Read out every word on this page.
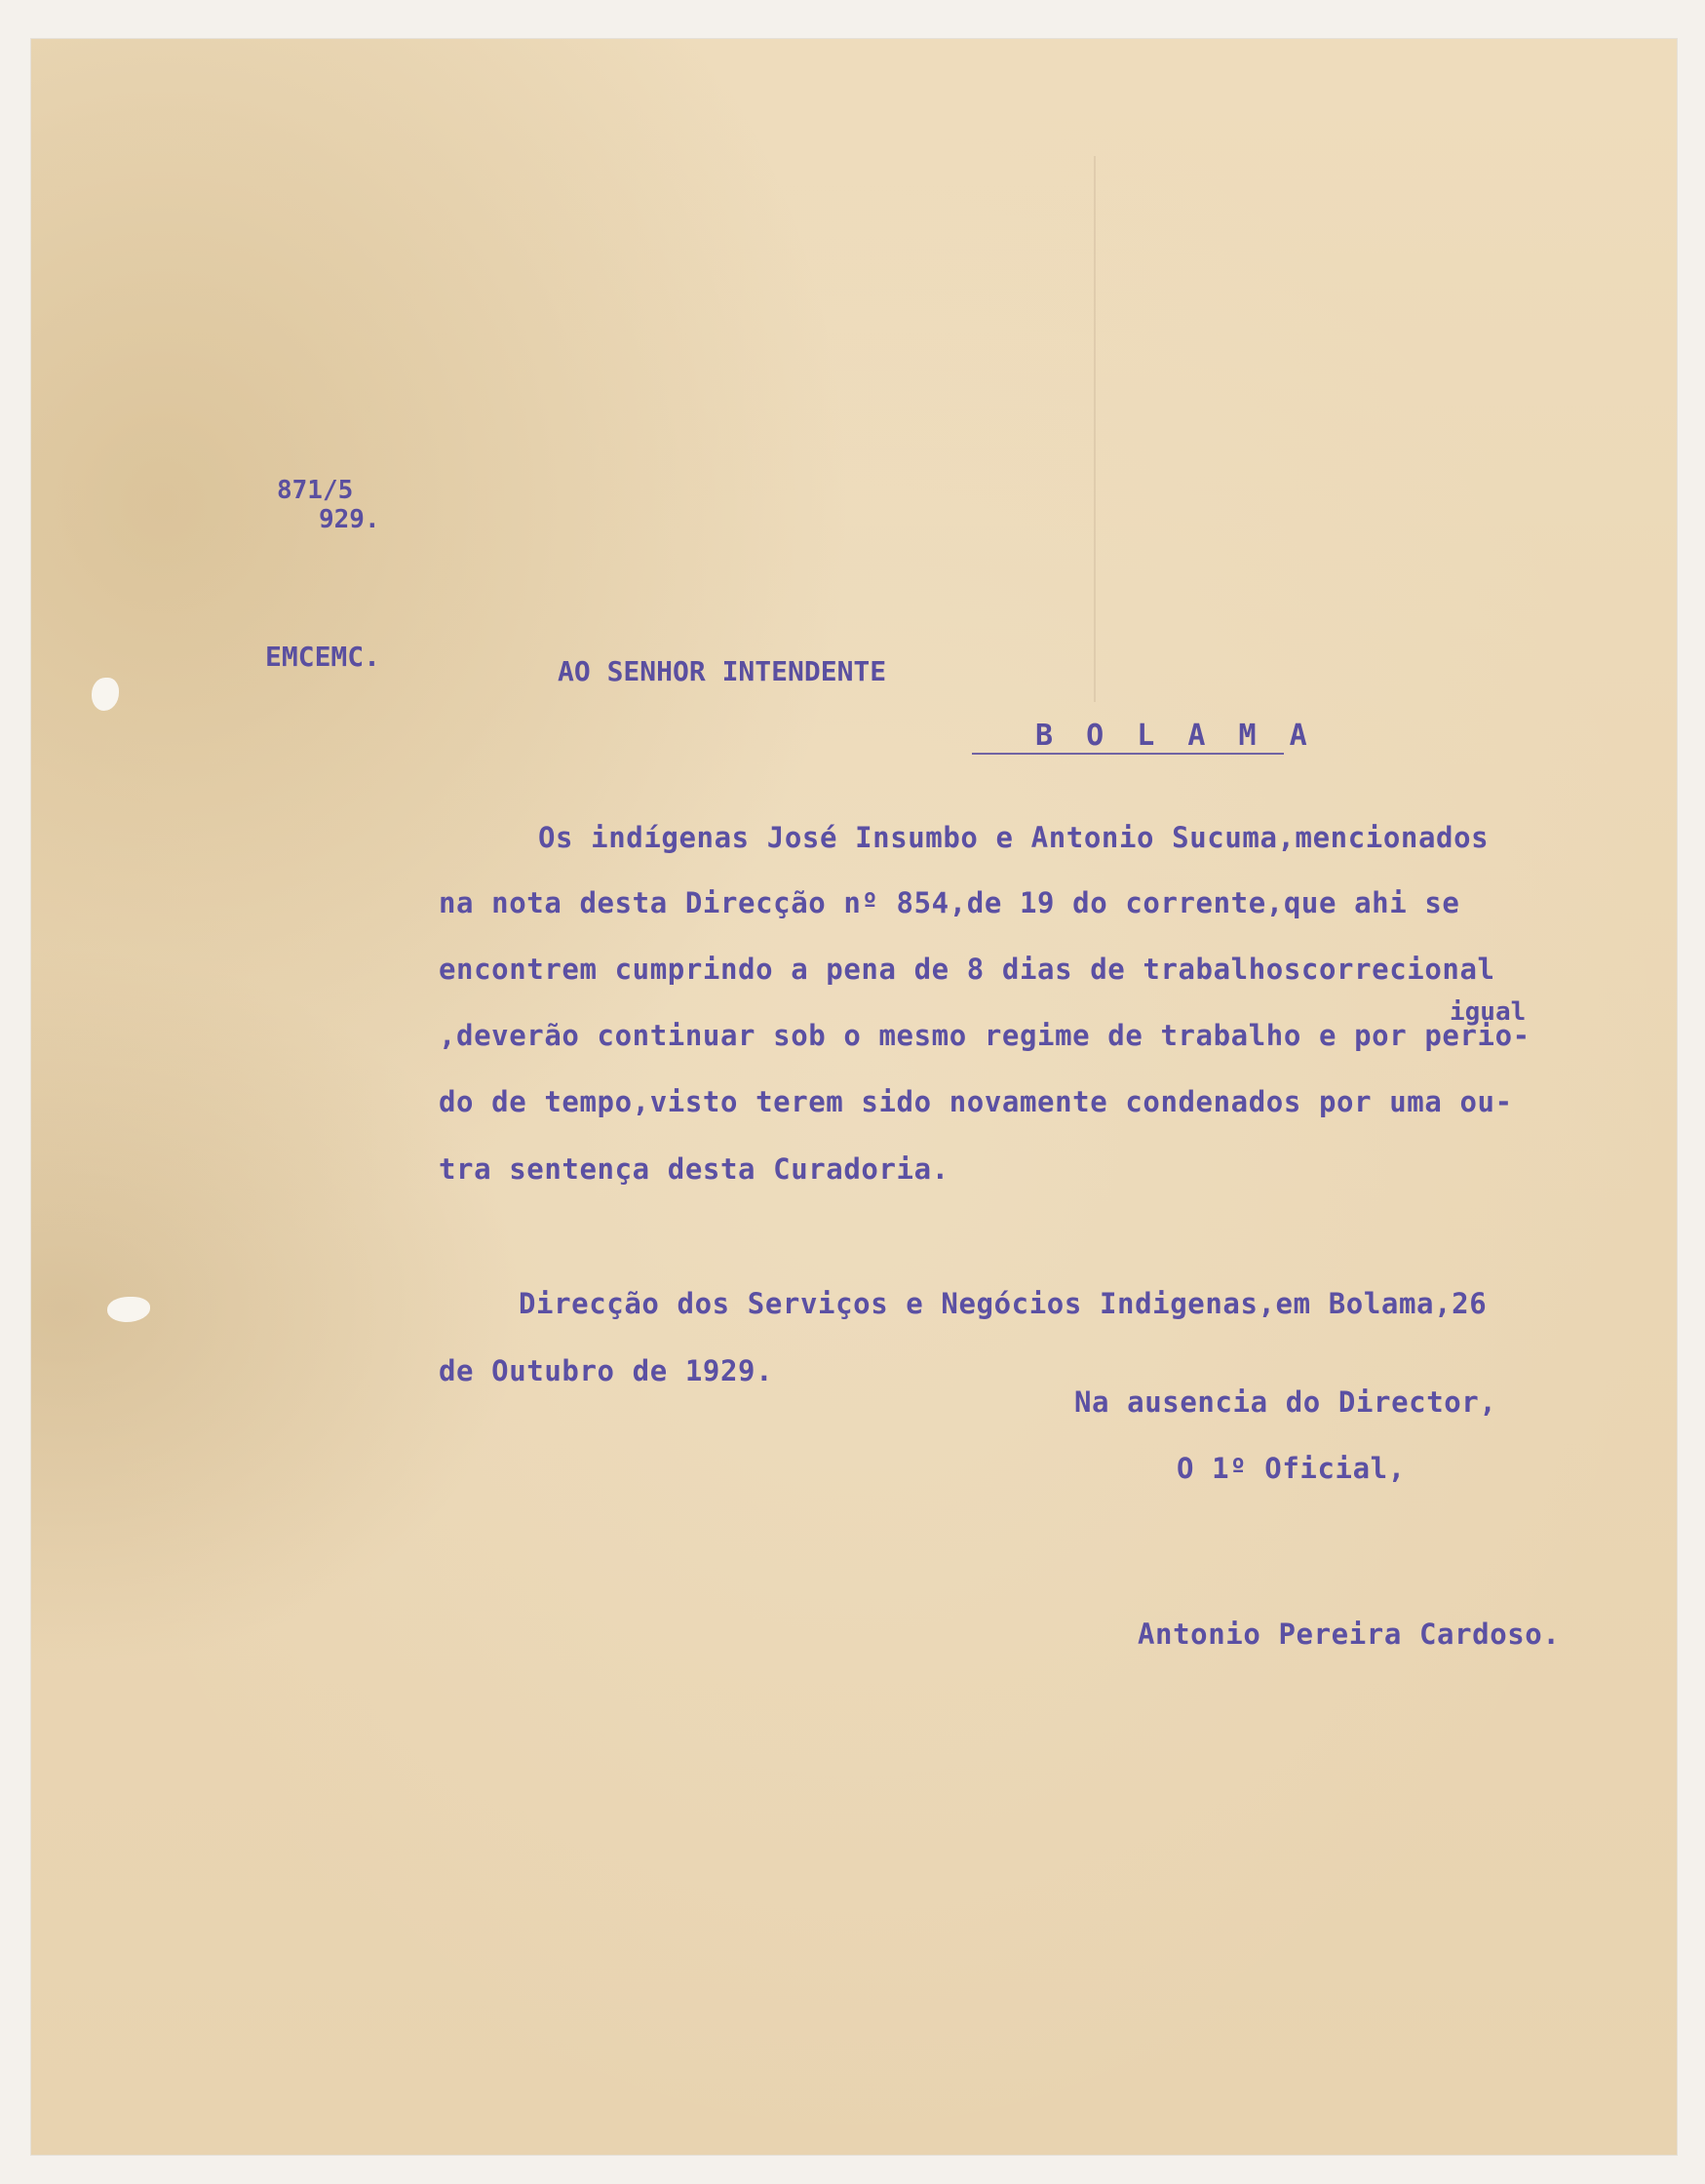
871/5
929.
EMCEMC.	AO SENHOR INTENDENTE
B O L A M A
Os indígenas José Insumbo e Antonio Sucuma,mencionados
na nota desta Direcção nº 854,de 19 do corrente,que ahi se
encontrem cumprindo a pena de 8 dias de trabalhoscorrecional
igual
,deverão continuar sob o mesmo regime de trabalho e por perio-
do de tempo,visto terem sido novamente condenados por uma ou-
tra sentença desta Curadoria.
Direcção dos Serviços e Negócios Indigenas,em Bolama,26
de Outubro de 1929.
Na ausencia do Director,
O 1º Oficial,
Antonio Pereira Cardoso.
